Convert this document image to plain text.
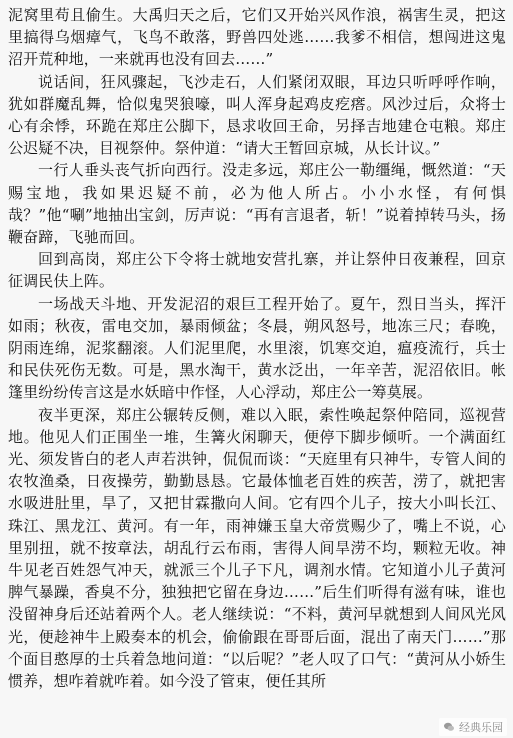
泥窝里苟且偷生。大禹归天之后，它们又开始兴风作浪，祸害生灵，把这里搞得乌烟瘴气，飞鸟不敢落，野兽四处逃……我爹不相信，想闯进这鬼沼开荒种地，一来就再也没有回去……”

说话间，狂风骤起，飞沙走石，人们紧闭双眼，耳边只听呼呼作响，犹如群魔乱舞，恰似鬼哭狼嚎，叫人浑身起鸡皮疙瘩。风沙过后，众将士心有余悸，环跪在郑庄公脚下，恳求收回王命，另择吉地建仓屯粮。郑庄公迟疑不决，目视祭仲。祭仲道：“请大王暂回京城，从长计议。”

一行人垂头丧气折向西行。没走多远，郑庄公一勒缰绳，慨然道：“天赐宝地，我如果迟疑不前，必为他人所占。小小水怪，有何惧哉？”他“唰”地抽出宝剑，厉声说：“再有言退者，斩！”说着掉转马头，扬鞭奋蹄，飞驰而回。

回到高岗，郑庄公下令将士就地安营扎寨，并让祭仲日夜兼程，回京征调民伕上阵。

一场战天斗地、开发泥沼的艰巨工程开始了。夏午，烈日当头，挥汗如雨；秋夜，雷电交加，暴雨倾盆；冬晨，朔风怒号，地冻三尺；春晚，阴雨连绵，泥浆翻滚。人们泥里爬，水里滚，饥寒交迫，瘟疫流行，兵士和民伕死伤无数。可是，黑水淘干，黄水泛出，一年辛苦，泥沼依旧。帐篷里纷纷传言这是水妖暗中作怪，人心浮动，郑庄公一筹莫展。

夜半更深，郑庄公辗转反侧，难以入眠，索性唤起祭仲陪同，巡视营地。他见人们正围坐一堆，生篝火闲聊天，便停下脚步倾听。一个满面红光、须发皆白的老人声若洪钟，侃侃而谈：“天庭里有只神牛，专管人间的农牧渔桑，日夜操劳，勤勤恳恳。它最体恤老百姓的疾苦，涝了，就把害水吸进肚里，旱了，又把甘霖撒向人间。它有四个儿子，按大小叫长江、珠江、黑龙江、黄河。有一年，雨神嫌玉皇大帝赏赐少了，嘴上不说，心里别扭，就不按章法，胡乱行云布雨，害得人间旱涝不均，颗粒无收。神牛见老百姓怨气冲天，就派三个儿子下凡，调剂水情。它知道小儿子黄河脾气暴躁，香臭不分，独独把它留在身边……”后生们听得有滋有味，谁也没留神身后还站着两个人。老人继续说：“不料，黄河早就想到人间风光风光，便趁神牛上殿奏本的机会，偷偷跟在哥哥后面，混出了南天门……”那个面目憨厚的士兵着急地问道：“以后呢？”老人叹了口气：“黄河从小娇生惯养，想咋着就咋着。如今没了管束，便任其所

经典乐园
